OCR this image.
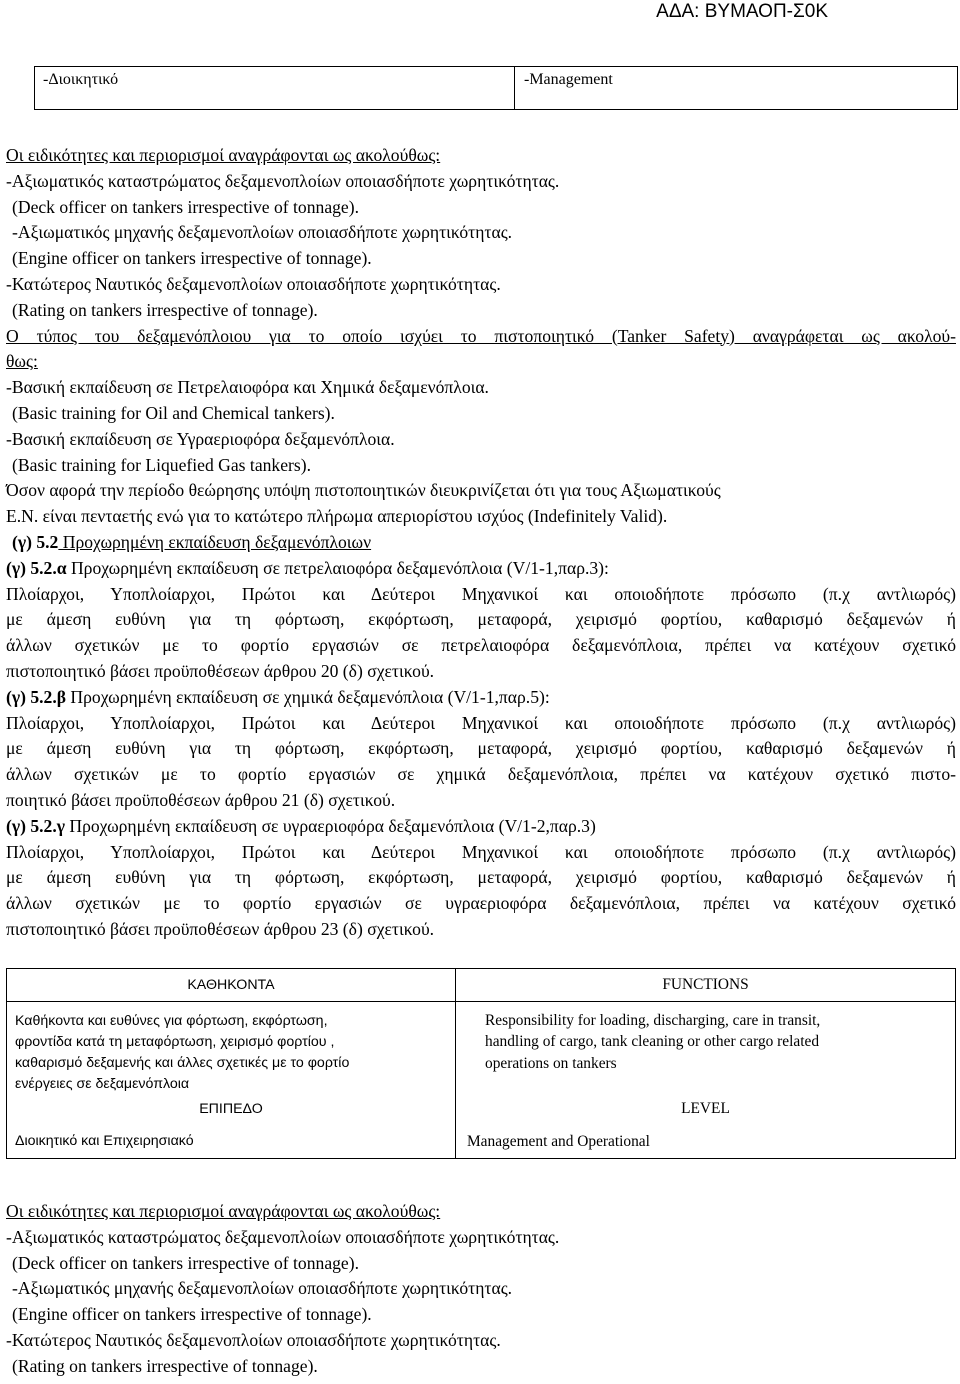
ΑΔΑ: ΒΥΜΑΟΠ-Σ0Κ
-Διοικητικό	-Management

Οι ειδικότητες και περιορισμοί αναγράφονται ως ακολούθως:

-Αξιωματικός καταστρώματος δεξαμενοπλοίων οποιασδήποτε χωρητικότητας.

(Deck officer on tankers irrespective of tonnage).

-Αξιωματικός μηχανής δεξαμενοπλοίων οποιασδήποτε χωρητικότητας.

(Engine officer on tankers irrespective of tonnage).

-Κατώτερος Ναυτικός δεξαμενοπλοίων οποιασδήποτε χωρητικότητας.

(Rating on tankers irrespective of tonnage).

Ο τύπος του δεξαμενόπλοιου για το οποίο ισχύει το πιστοποιητικό (Tanker Safety) αναγράφεται ως ακολού-

θως:

-Βασική εκπαίδευση σε Πετρελαιοφόρα και Χημικά δεξαμενόπλοια.

(Basic training for Oil and Chemical tankers).

-Βασική εκπαίδευση σε Υγραεριοφόρα δεξαμενόπλοια.

(Basic training for Liquefied Gas tankers).

Όσον αφορά την περίοδο θεώρησης υπόψη πιστοποιητικών διευκρινίζεται ότι για τους Αξιωματικούς

Ε.Ν. είναι πενταετής ενώ για το κατώτερο πλήρωμα απεριορίστου ισχύος (Indefinitely Valid).

(γ) 5.2 Προχωρημένη εκπαίδευση δεξαμενόπλοιων

(γ) 5.2.α Προχωρημένη εκπαίδευση σε πετρελαιοφόρα δεξαμενόπλοια (V/1-1,παρ.3):

Πλοίαρχοι, Υποπλοίαρχοι, Πρώτοι και Δεύτεροι Μηχανικοί και οποιοδήποτε πρόσωπο (π.χ αντλιωρός)

με άμεση ευθύνη για τη φόρτωση, εκφόρτωση, μεταφορά, χειρισμό φορτίου, καθαρισμό δεξαμενών ή

άλλων σχετικών με το φορτίο εργασιών σε πετρελαιοφόρα δεξαμενόπλοια, πρέπει να κατέχουν σχετικό

πιστοποιητικό βάσει προϋποθέσεων άρθρου 20 (δ) σχετικού.

(γ) 5.2.β Προχωρημένη εκπαίδευση σε χημικά δεξαμενόπλοια (V/1-1,παρ.5):

Πλοίαρχοι, Υποπλοίαρχοι, Πρώτοι και Δεύτεροι Μηχανικοί και οποιοδήποτε πρόσωπο (π.χ αντλιωρός)

με άμεση ευθύνη για τη φόρτωση, εκφόρτωση, μεταφορά, χειρισμό φορτίου, καθαρισμό δεξαμενών ή

άλλων σχετικών με το φορτίο εργασιών σε χημικά δεξαμενόπλοια, πρέπει να κατέχουν σχετικό πιστο-

ποιητικό βάσει προϋποθέσεων άρθρου 21 (δ) σχετικού.

(γ) 5.2.γ Προχωρημένη εκπαίδευση σε υγραεριοφόρα δεξαμενόπλοια (V/1-2,παρ.3)

Πλοίαρχοι, Υποπλοίαρχοι, Πρώτοι και Δεύτεροι Μηχανικοί και οποιοδήποτε πρόσωπο (π.χ αντλιωρός)

με άμεση ευθύνη για τη φόρτωση, εκφόρτωση, μεταφορά, χειρισμό φορτίου, καθαρισμό δεξαμενών ή

άλλων σχετικών με το φορτίο εργασιών σε υγραεριοφόρα δεξαμενόπλοια, πρέπει να κατέχουν σχετικό

πιστοποιητικό βάσει προϋποθέσεων άρθρου 23 (δ) σχετικού.

ΚΑΘΗΚΟΝΤΑ	FUNCTIONS
Καθήκοντα και ευθύνες για φόρτωση, εκφόρτωση,
φροντίδα κατά τη μεταφόρτωση, χειρισμό φορτίου ,
καθαρισμό δεξαμενής και άλλες σχετικές με το φορτίο
ενέργειες σε δεξαμενόπλοια
Responsibility for loading, discharging, care in transit,
handling of cargo, tank cleaning or other cargo related
operations on tankers
ΕΠΙΠΕΔΟ	LEVEL
Διοικητικό και Επιχειρησιακό	Management and Operational

Οι ειδικότητες και περιορισμοί αναγράφονται ως ακολούθως:

-Αξιωματικός καταστρώματος δεξαμενοπλοίων οποιασδήποτε χωρητικότητας.

(Deck officer on tankers irrespective of tonnage).

-Αξιωματικός μηχανής δεξαμενοπλοίων οποιασδήποτε χωρητικότητας.

(Engine officer on tankers irrespective of tonnage).

-Κατώτερος Ναυτικός δεξαμενοπλοίων οποιασδήποτε χωρητικότητας.

(Rating on tankers irrespective of tonnage).
